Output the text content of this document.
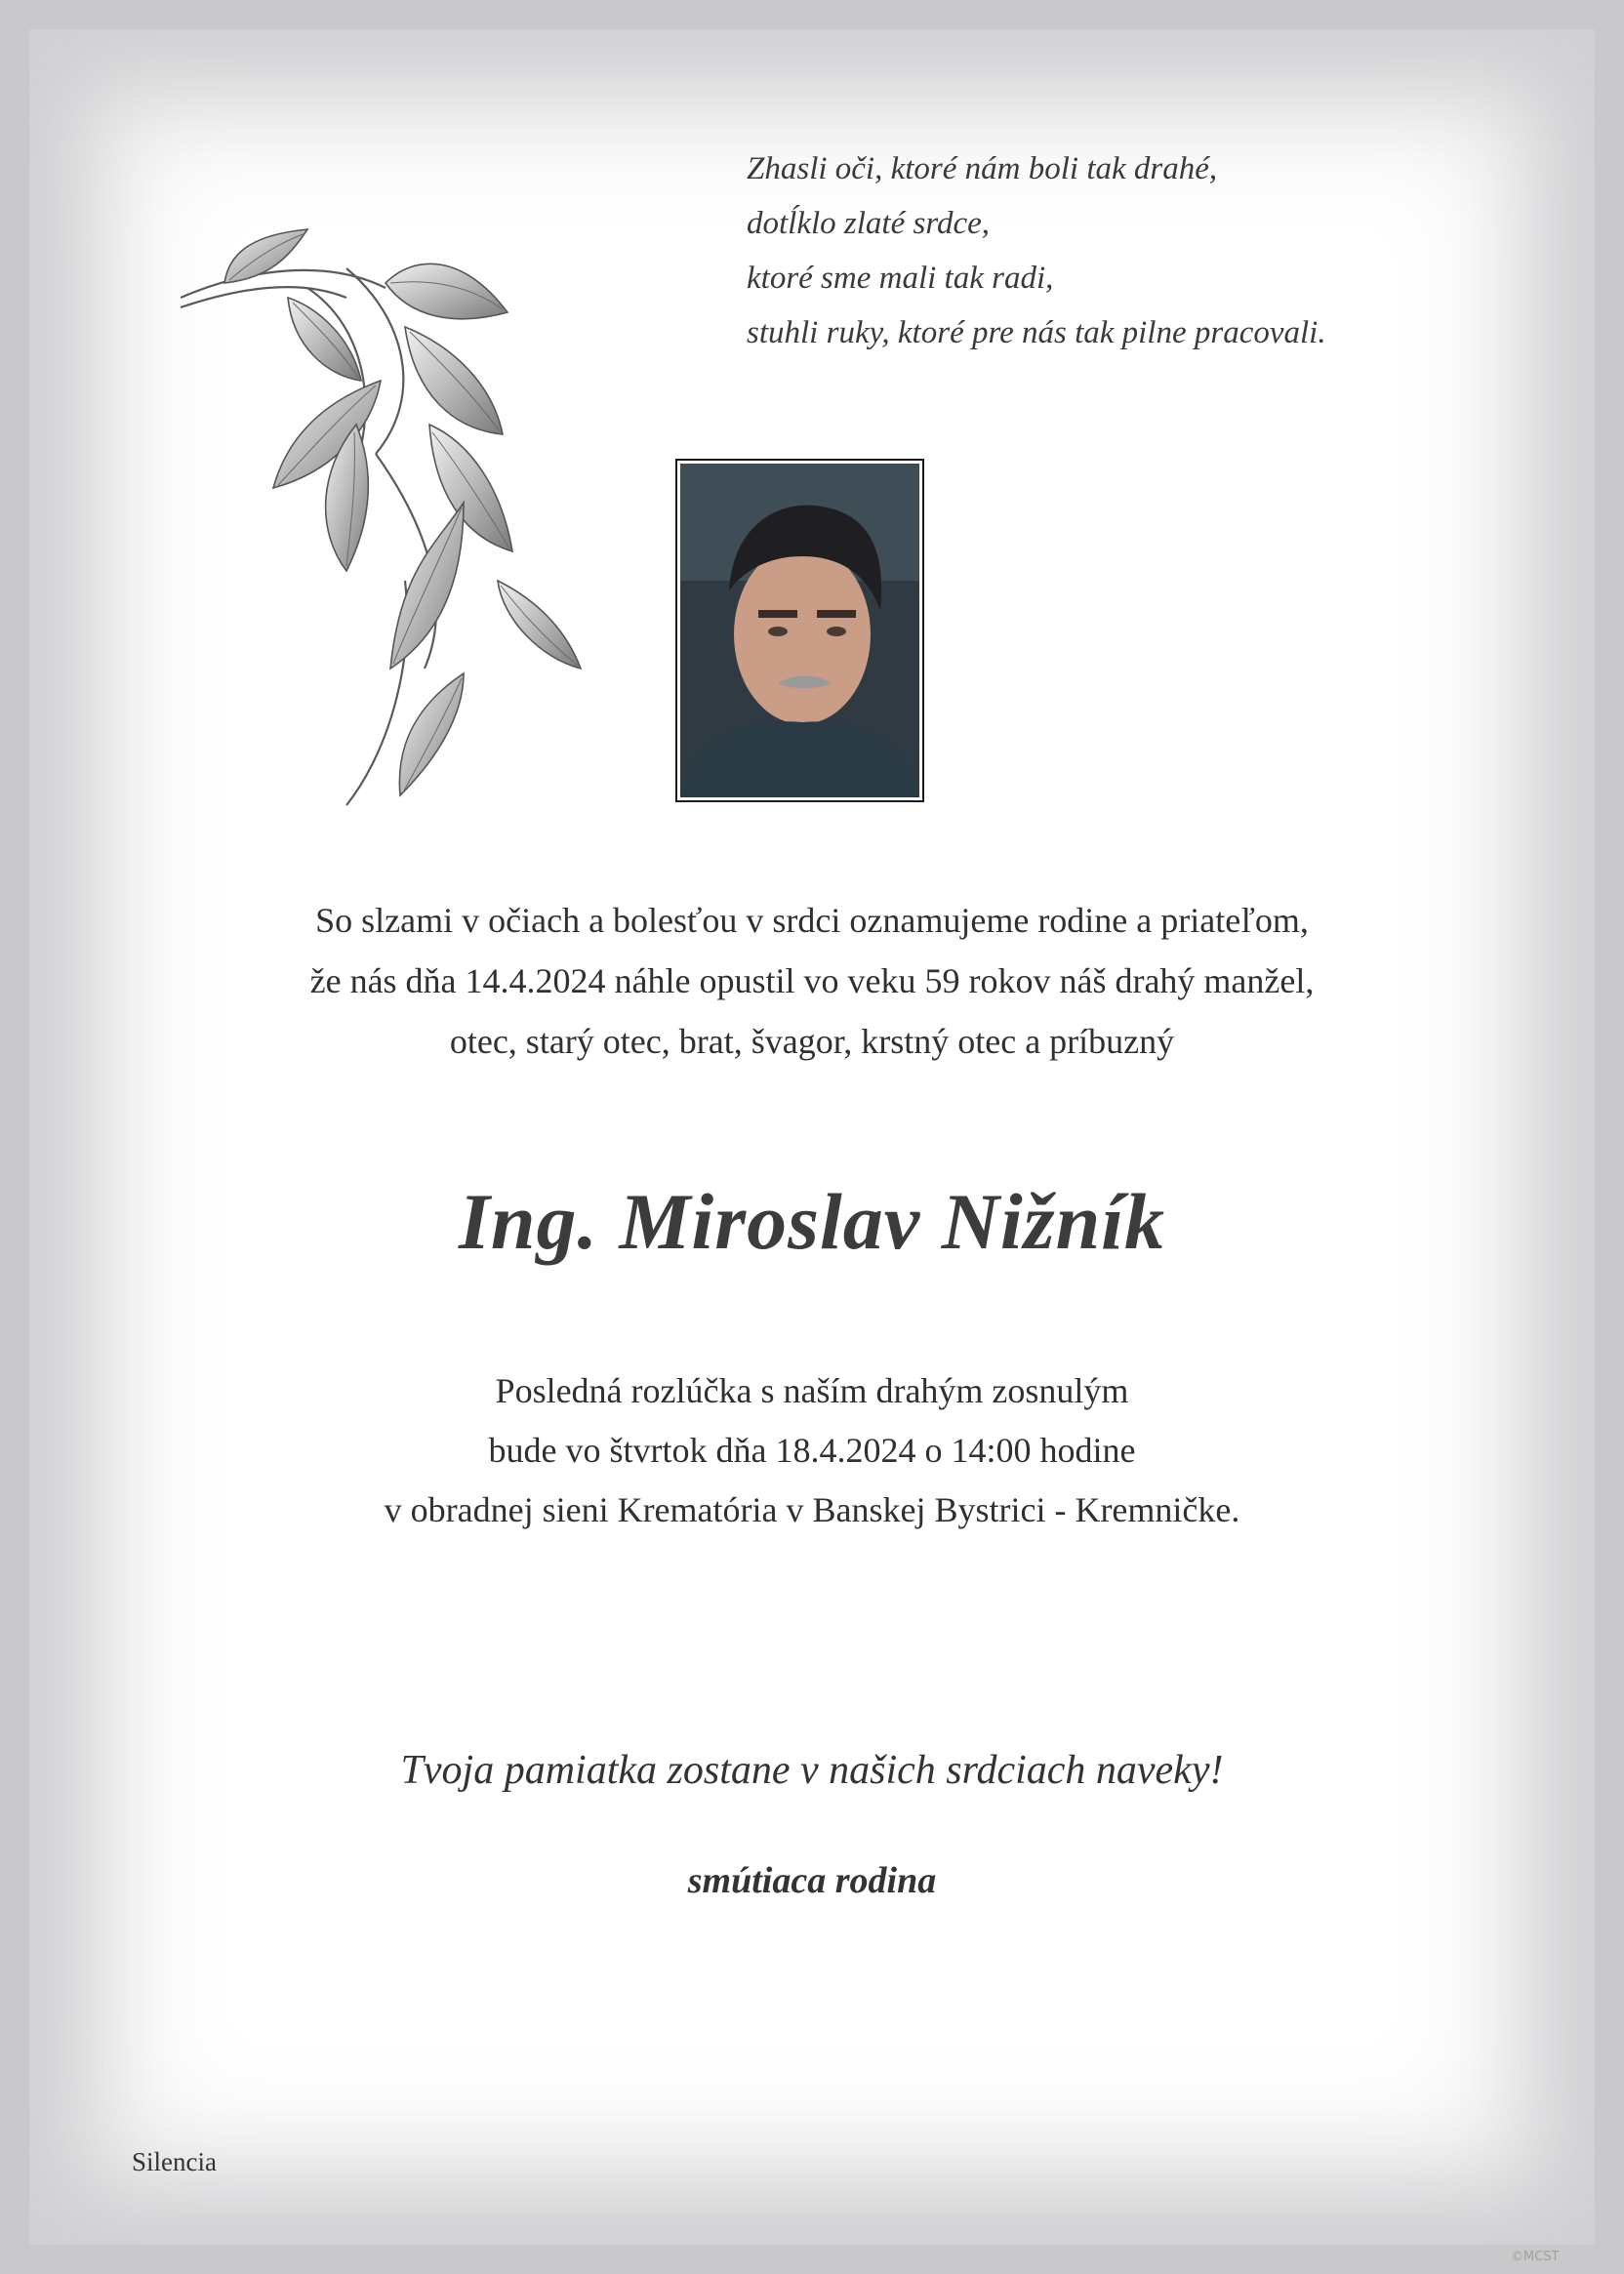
Zhasli oči, ktoré nám boli tak drahé,
dotĺklo zlaté srdce,
ktoré sme mali tak radi,
stuhli ruky, ktoré pre nás tak pilne pracovali.
So slzami v očiach a bolesťou v srdci oznamujeme rodine a priateľom,
že nás dňa 14.4.2024 náhle opustil vo veku 59 rokov náš drahý manžel,
otec, starý otec, brat, švagor, krstný otec a príbuzný
Ing. Miroslav Nižník
Posledná rozlúčka s naším drahým zosnulým
bude vo štvrtok dňa 18.4.2024 o 14:00 hodine
v obradnej sieni Krematória v Banskej Bystrici - Kremničke.
Tvoja pamiatka zostane v našich srdciach naveky!
smútiaca rodina
Silencia
©MCST
